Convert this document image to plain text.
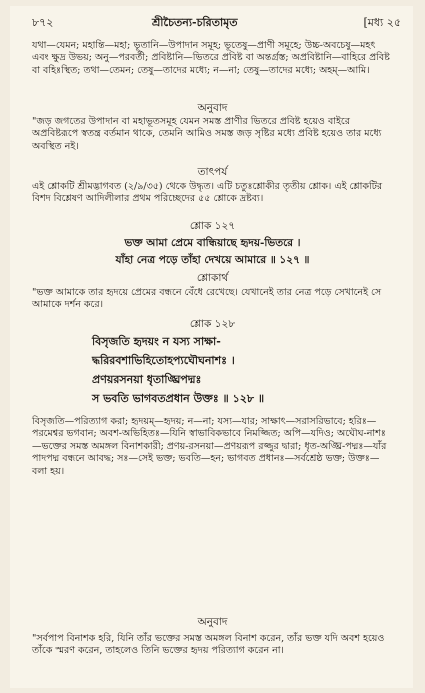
৮৭২	শ্রীচৈতন্য-চরিতামৃত	[মধ্য ২৫
যথা—যেমন; মহান্তি—মহা; ভূতানি—উপাদান সমূহ; ভূতেষু—প্রাণী সমূহে; উচ্চ-অবচেষু—মহৎ এবং ক্ষুদ্র উভয়; অনু—পরবর্তী; প্রবিষ্টানি—ভিতরে প্রবিষ্ট বা অন্তর্গ্রস্ত; অপ্রবিষ্টানি—বাহিরে প্রবিষ্ট বা বহিঃস্থিত; তথা—তেমন; তেষু—তাদের মধ্যে; ন—না; তেষু—তাদের মধ্যে; অহম্—আমি।
অনুবাদ
"জড় জগতের উপাদান বা মহাভূতসমূহ যেমন সমস্ত প্রাণীর ভিতরে প্রবিষ্ট হয়েও বাইরে অপ্রবিষ্টরূপে স্বতন্ত্র বর্তমান থাকে, তেমনি আমিও সমস্ত জড় সৃষ্টির মধ্যে প্রবিষ্ট হয়েও তার মধ্যে অবস্থিত নই।
তাৎপর্য
এই শ্লোকটি শ্রীমদ্ভাগবত (২/৯/৩৫) থেকে উদ্ধৃত। এটি চতুঃশ্লোকীর তৃতীয় শ্লোক। এই শ্লোকটির বিশদ বিশ্লেষণ আদিলীলার প্রথম পরিচ্ছেদের ৫৫ শ্লোকে দ্রষ্টব্য।
শ্লোক ১২৭
ভক্ত আমা প্রেমে বান্ধিয়াছে হৃদয়-ভিতরে ।
যাঁহা নেত্র পড়ে তাঁহা দেখয়ে আমারে ॥ ১২৭ ॥
শ্লোকার্থ
"ভক্ত আমাকে তার হৃদয়ে প্রেমের বন্ধনে বেঁধে রেখেছে। যেখানেই তার নেত্র পড়ে সেখানেই সে আমাকে দর্শন করে।
শ্লোক ১২৮
বিসৃজতি হৃদয়ং ন যস্য সাক্ষা-
দ্ধরিরবশাভিহিতোহপ্যঘৌঘনাশঃ ।
প্রণয়রসনয়া ধৃতাঙ্ঘ্রিপদ্মঃ
স ভবতি ভাগবতপ্রধান উক্তঃ ॥ ১২৮ ॥
বিসৃজতি—পরিত্যাগ করা; হৃদয়ম্—হৃদয়; ন—না; যস্য—যার; সাক্ষাৎ—সরাসরিভাবে; হরিঃ—পরমেশ্বর ভগবান; অবশ-অভিহিতঃ—যিনি স্বাভাবিকভাবে নিমজ্জিত; অপি—যদিও; অঘৌঘ-নাশঃ—ভক্তের সমস্ত অমঙ্গল বিনাশকারী; প্রণয়-রসনয়া—প্রণয়রূপ রজ্জুর দ্বারা; ধৃত-অঙ্ঘ্রি-পদ্মঃ—যাঁর পাদপদ্ম বন্ধনে আবদ্ধ; সঃ—সেই ভক্ত; ভবতি—হন; ভাগবত প্রধানঃ—সর্বশ্রেষ্ঠ ভক্ত; উক্তঃ—বলা হয়।
অনুবাদ
"সর্বপাপ বিনাশক হরি, যিনি তাঁর ভক্তের সমস্ত অমঙ্গল বিনাশ করেন, তাঁর ভক্ত যদি অবশ হয়েও তাঁকে স্মরণ করেন, তাহলেও তিনি ভক্তের হৃদয় পরিত্যাগ করেন না।
